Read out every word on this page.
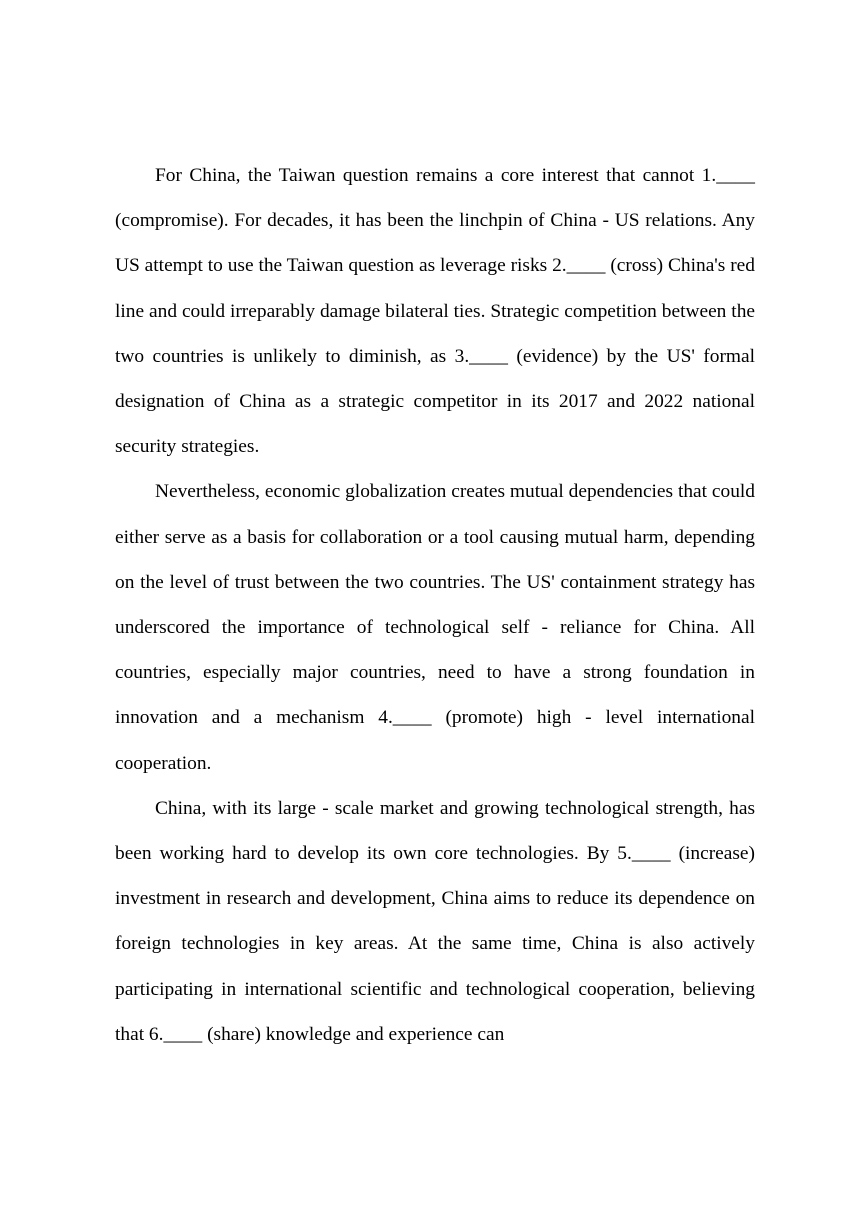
For China, the Taiwan question remains a core interest that cannot 1.____ (compromise). For decades, it has been the linchpin of China - US relations. Any US attempt to use the Taiwan question as leverage risks 2.____ (cross) China's red line and could irreparably damage bilateral ties. Strategic competition between the two countries is unlikely to diminish, as 3.____ (evidence) by the US' formal designation of China as a strategic competitor in its 2017 and 2022 national security strategies.

Nevertheless, economic globalization creates mutual dependencies that could either serve as a basis for collaboration or a tool causing mutual harm, depending on the level of trust between the two countries. The US' containment strategy has underscored the importance of technological self - reliance for China. All countries, especially major countries, need to have a strong foundation in innovation and a mechanism 4.____ (promote) high - level international cooperation.

China, with its large - scale market and growing technological strength, has been working hard to develop its own core technologies. By 5.____ (increase) investment in research and development, China aims to reduce its dependence on foreign technologies in key areas. At the same time, China is also actively participating in international scientific and technological cooperation, believing that 6.____ (share) knowledge and experience can
